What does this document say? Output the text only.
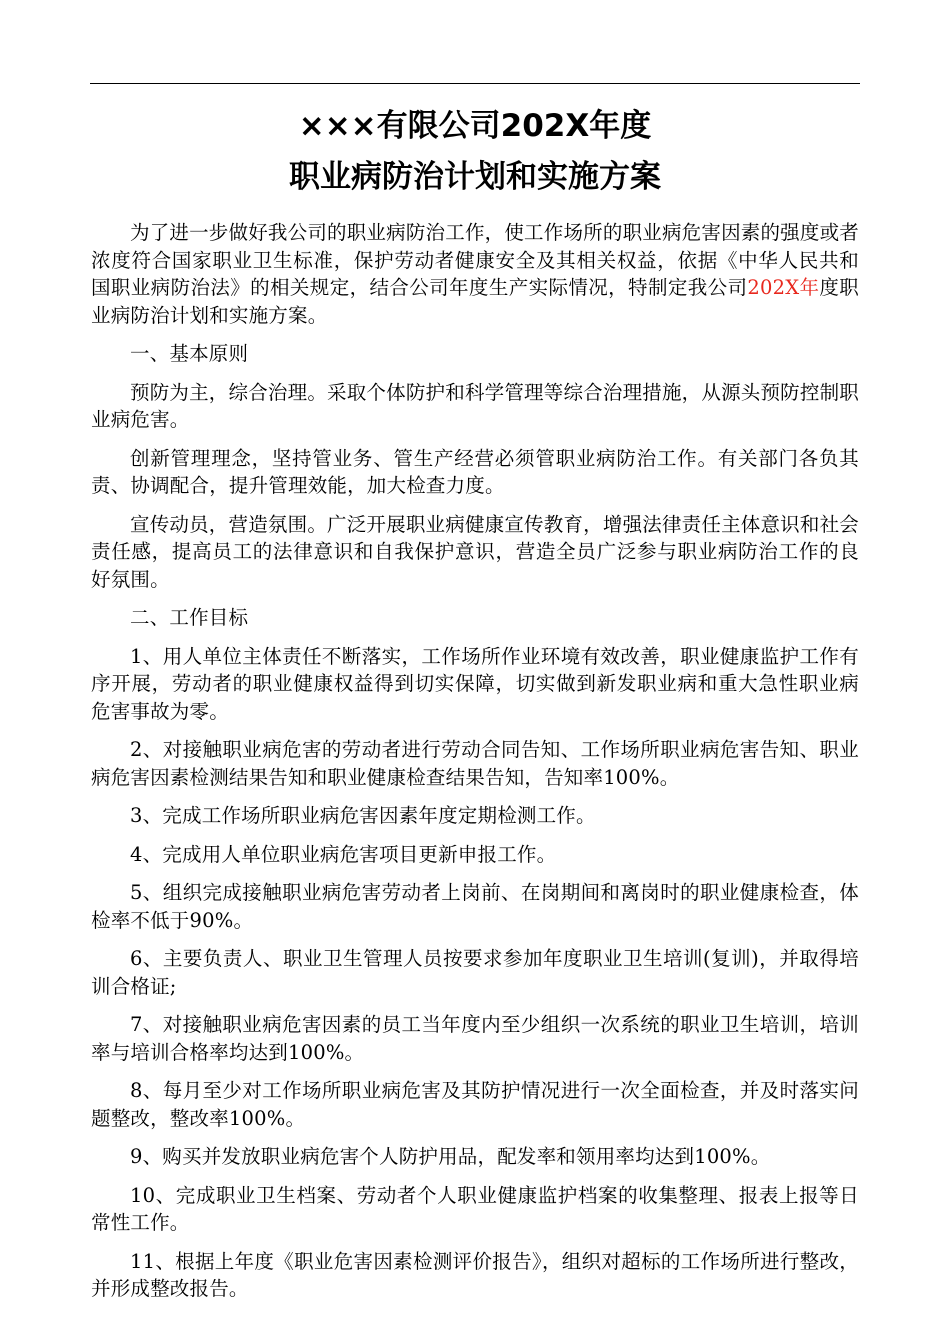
×××有限公司202X年度
职业病防治计划和实施方案

为了进一步做好我公司的职业病防治工作，使工作场所的职业病危害因素的强度或者浓度符合国家职业卫生标准，保护劳动者健康安全及其相关权益，依据《中华人民共和国职业病防治法》的相关规定，结合公司年度生产实际情况，特制定我公司202X年度职业病防治计划和实施方案。

一、基本原则

预防为主，综合治理。采取个体防护和科学管理等综合治理措施，从源头预防控制职业病危害。

创新管理理念，坚持管业务、管生产经营必须管职业病防治工作。有关部门各负其责、协调配合，提升管理效能，加大检查力度。

宣传动员，营造氛围。广泛开展职业病健康宣传教育，增强法律责任主体意识和社会责任感，提高员工的法律意识和自我保护意识，营造全员广泛参与职业病防治工作的良好氛围。

二、工作目标

1、用人单位主体责任不断落实，工作场所作业环境有效改善，职业健康监护工作有序开展，劳动者的职业健康权益得到切实保障，切实做到新发职业病和重大急性职业病危害事故为零。

2、对接触职业病危害的劳动者进行劳动合同告知、工作场所职业病危害告知、职业病危害因素检测结果告知和职业健康检查结果告知，告知率100%。

3、完成工作场所职业病危害因素年度定期检测工作。

4、完成用人单位职业病危害项目更新申报工作。

5、组织完成接触职业病危害劳动者上岗前、在岗期间和离岗时的职业健康检查，体检率不低于90%。

6、主要负责人、职业卫生管理人员按要求参加年度职业卫生培训(复训)，并取得培训合格证;

7、对接触职业病危害因素的员工当年度内至少组织一次系统的职业卫生培训，培训率与培训合格率均达到100%。

8、每月至少对工作场所职业病危害及其防护情况进行一次全面检查，并及时落实问题整改，整改率100%。

9、购买并发放职业病危害个人防护用品，配发率和领用率均达到100%。

10、完成职业卫生档案、劳动者个人职业健康监护档案的收集整理、报表上报等日常性工作。

11、根据上年度《职业危害因素检测评价报告》，组织对超标的工作场所进行整改，并形成整改报告。
